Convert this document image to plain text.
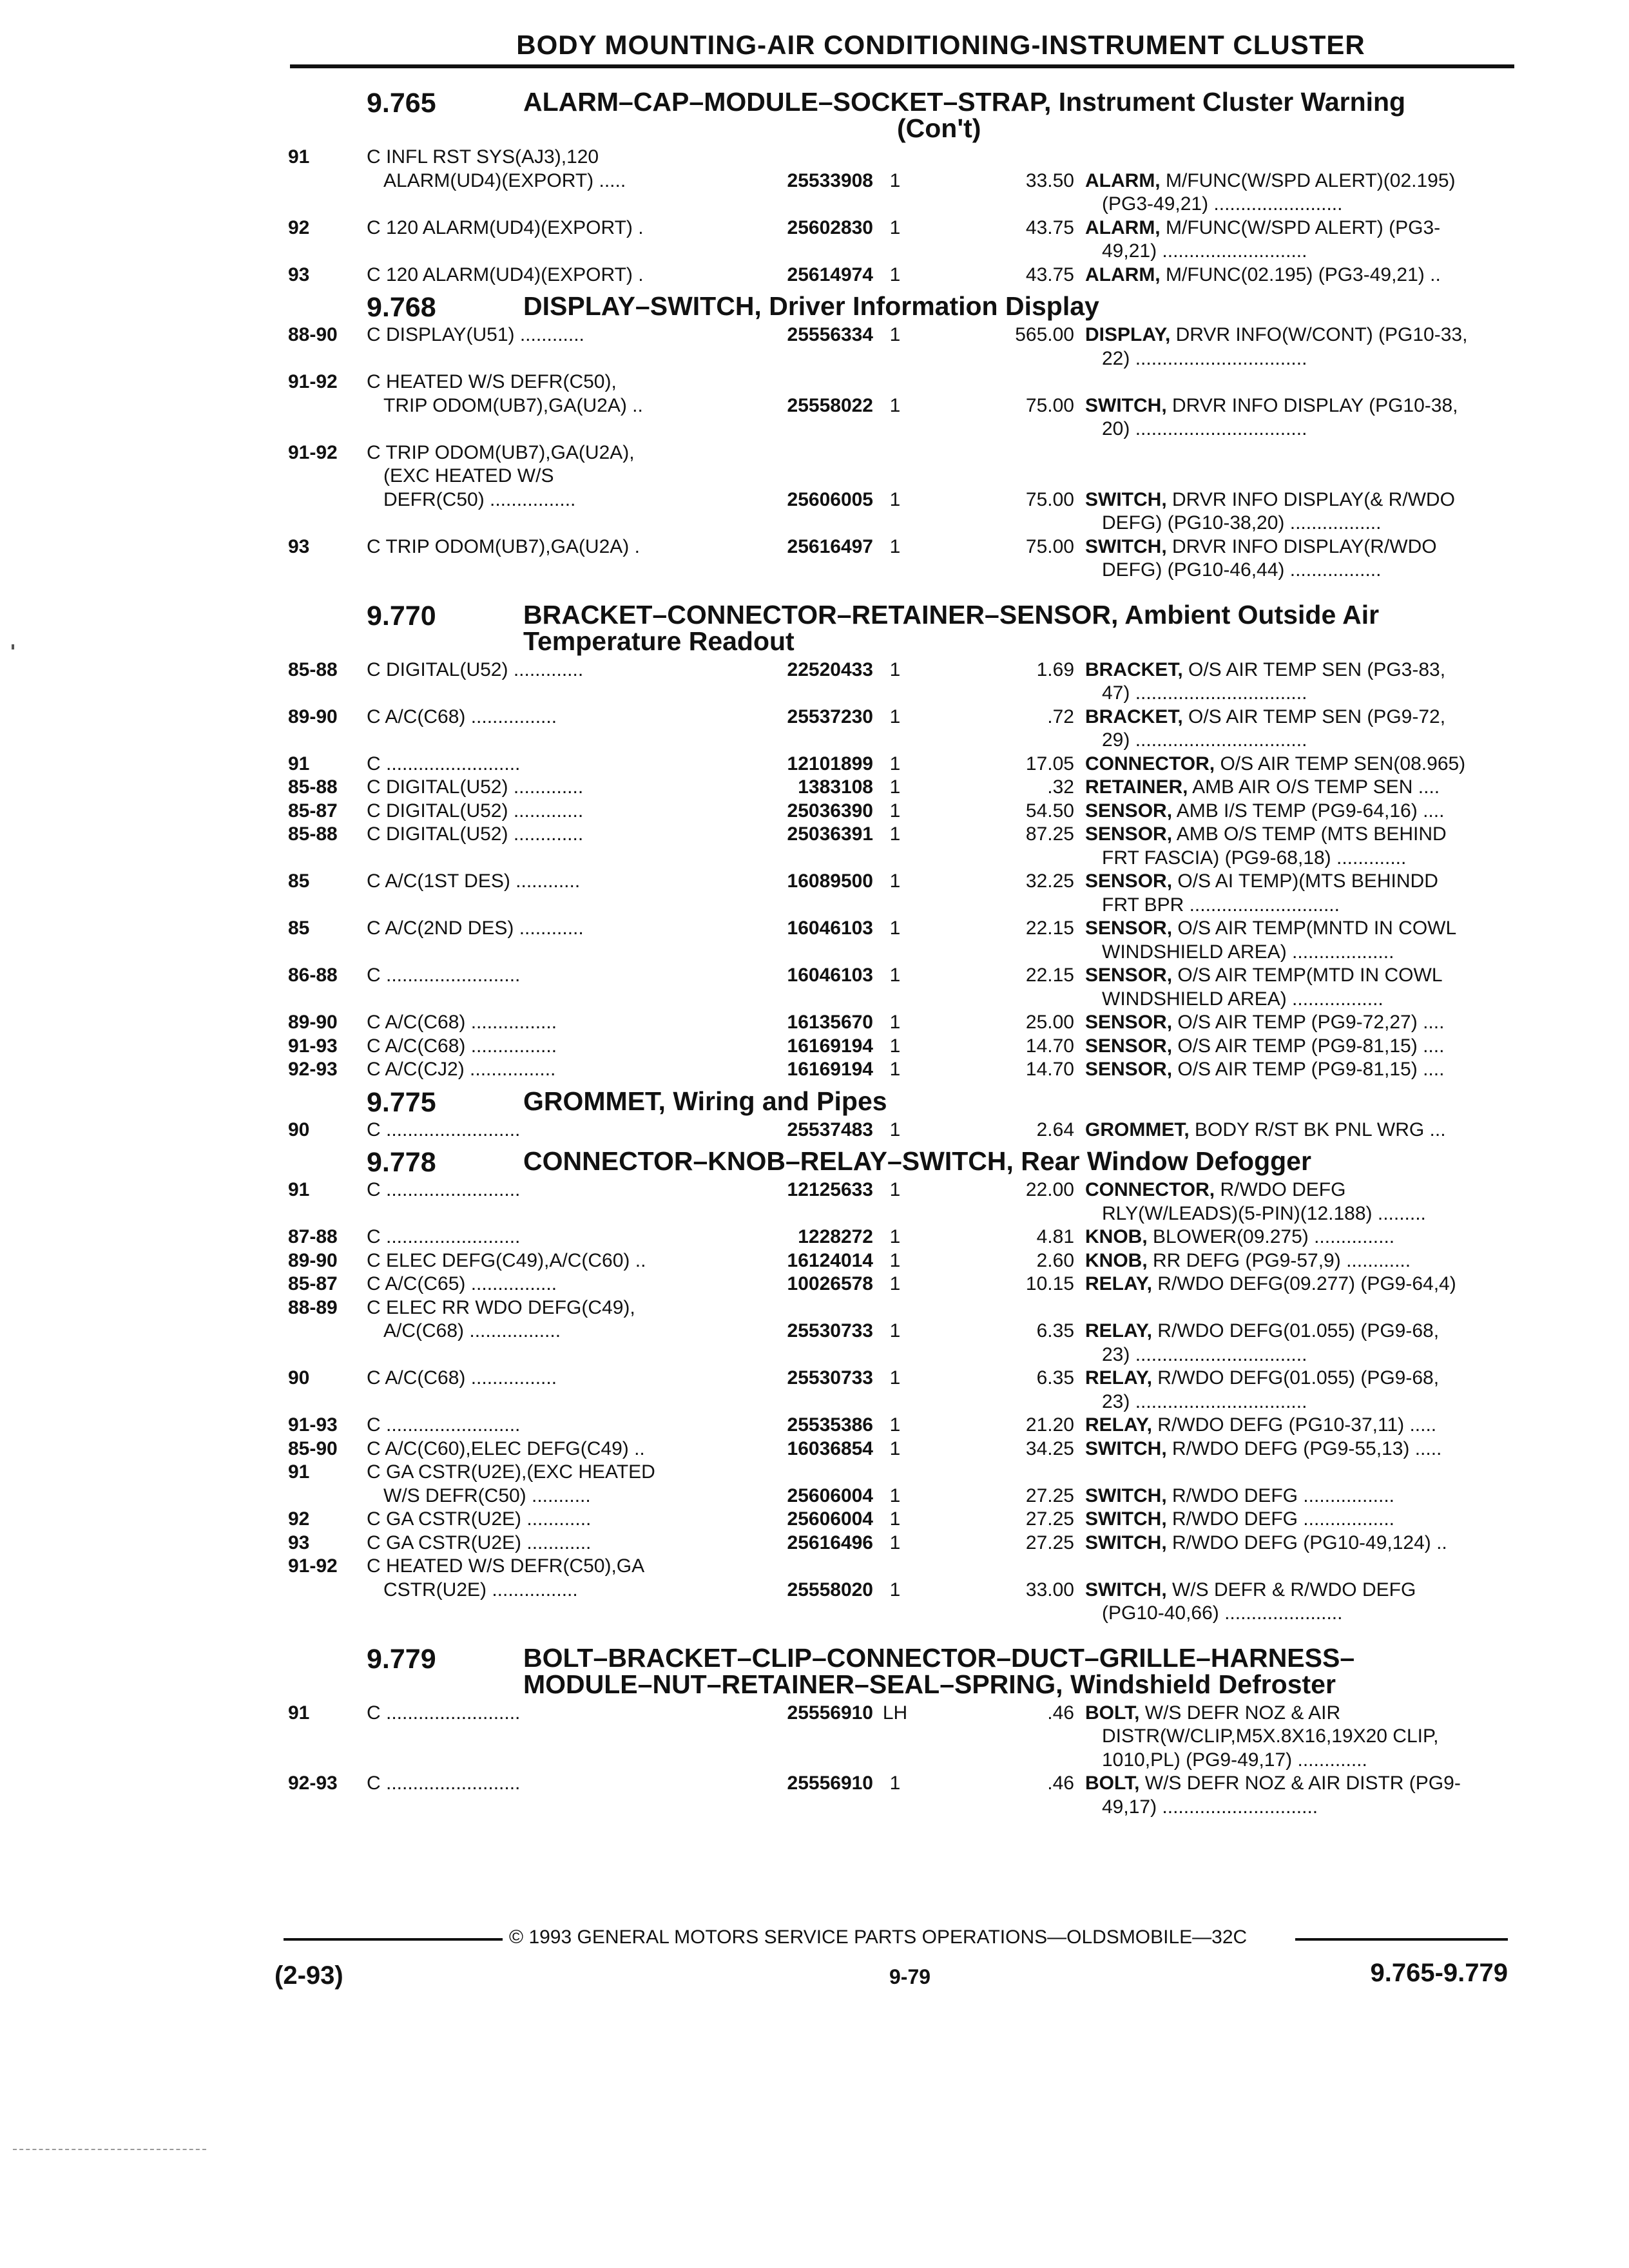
BODY MOUNTING-AIR CONDITIONING-INSTRUMENT CLUSTER
9.765	ALARM–CAP–MODULE–SOCKET–STRAP, Instrument Cluster Warning
(Con't)
91	C INFL RST SYS(AJ3),120
ALARM(UD4)(EXPORT) .....	25533908 1	33.50 ALARM, M/FUNC(W/SPD ALERT)(02.195)
(PG3-49,21) ........................
92	C 120 ALARM(UD4)(EXPORT) .	25602830 1	43.75 ALARM, M/FUNC(W/SPD ALERT) (PG3-
49,21) ...........................
93	C 120 ALARM(UD4)(EXPORT) .	25614974 1	43.75 ALARM, M/FUNC(02.195) (PG3-49,21) ..
9.768	DISPLAY–SWITCH, Driver Information Display
88-90 C DISPLAY(U51) ............	25556334 1	565.00 DISPLAY, DRVR INFO(W/CONT) (PG10-33,
22) ................................
91-92 C HEATED W/S DEFR(C50),
TRIP ODOM(UB7),GA(U2A) ..	25558022 1	75.00 SWITCH, DRVR INFO DISPLAY (PG10-38,
20) ................................
91-92 C TRIP ODOM(UB7),GA(U2A),
(EXC HEATED W/S
DEFR(C50) ................	25606005 1	75.00 SWITCH, DRVR INFO DISPLAY(& R/WDO
DEFG) (PG10-38,20) .................
93	C TRIP ODOM(UB7),GA(U2A) .	25616497 1	75.00 SWITCH, DRVR INFO DISPLAY(R/WDO
DEFG) (PG10-46,44) .................
9.770	BRACKET–CONNECTOR–RETAINER–SENSOR, Ambient Outside Air
Temperature Readout
85-88 C DIGITAL(U52) .............	22520433 1	1.69 BRACKET, O/S AIR TEMP SEN (PG3-83,
47) ................................
89-90 C A/C(C68) ................	25537230 1	.72 BRACKET, O/S AIR TEMP SEN (PG9-72,
29) ................................
91	C .........................	12101899 1	17.05 CONNECTOR, O/S AIR TEMP SEN(08.965)
85-88 C DIGITAL(U52) .............	1383108 1	.32 RETAINER, AMB AIR O/S TEMP SEN ....
85-87 C DIGITAL(U52) .............	25036390 1	54.50 SENSOR, AMB I/S TEMP (PG9-64,16) ....
85-88 C DIGITAL(U52) .............	25036391 1	87.25 SENSOR, AMB O/S TEMP (MTS BEHIND
FRT FASCIA) (PG9-68,18) .............
85	C A/C(1ST DES) ............	16089500 1	32.25 SENSOR, O/S AI TEMP)(MTS BEHINDD
FRT BPR ............................
85	C A/C(2ND DES) ............	16046103 1	22.15 SENSOR, O/S AIR TEMP(MNTD IN COWL
WINDSHIELD AREA) ...................
86-88 C .........................	16046103 1	22.15 SENSOR, O/S AIR TEMP(MTD IN COWL
WINDSHIELD AREA) .................
89-90 C A/C(C68) ................	16135670 1	25.00 SENSOR, O/S AIR TEMP (PG9-72,27) ....
91-93 C A/C(C68) ................	16169194 1	14.70 SENSOR, O/S AIR TEMP (PG9-81,15) ....
92-93 C A/C(CJ2) ................	16169194 1	14.70 SENSOR, O/S AIR TEMP (PG9-81,15) ....
9.775	GROMMET, Wiring and Pipes
90	C .........................	25537483 1	2.64 GROMMET, BODY R/ST BK PNL WRG ...
9.778	CONNECTOR–KNOB–RELAY–SWITCH, Rear Window Defogger
91	C .........................	12125633 1	22.00 CONNECTOR, R/WDO DEFG
RLY(W/LEADS)(5-PIN)(12.188) .........
87-88 C .........................	1228272 1	4.81 KNOB, BLOWER(09.275) ...............
89-90 C ELEC DEFG(C49),A/C(C60) ..	16124014 1	2.60 KNOB, RR DEFG (PG9-57,9) ............
85-87 C A/C(C65) ................	10026578 1	10.15 RELAY, R/WDO DEFG(09.277) (PG9-64,4)
88-89 C ELEC RR WDO DEFG(C49),
A/C(C68) .................	25530733 1	6.35 RELAY, R/WDO DEFG(01.055) (PG9-68,
23) ................................
90	C A/C(C68) ................	25530733 1	6.35 RELAY, R/WDO DEFG(01.055) (PG9-68,
23) ................................
91-93 C .........................	25535386 1	21.20 RELAY, R/WDO DEFG (PG10-37,11) .....
85-90 C A/C(C60),ELEC DEFG(C49) ..	16036854 1	34.25 SWITCH, R/WDO DEFG (PG9-55,13) .....
91	C GA CSTR(U2E),(EXC HEATED
W/S DEFR(C50) ...........	25606004 1	27.25 SWITCH, R/WDO DEFG .................
92	C GA CSTR(U2E) ............	25606004 1	27.25 SWITCH, R/WDO DEFG .................
93	C GA CSTR(U2E) ............	25616496 1	27.25 SWITCH, R/WDO DEFG (PG10-49,124) ..
91-92 C HEATED W/S DEFR(C50),GA
CSTR(U2E) ................	25558020 1	33.00 SWITCH, W/S DEFR & R/WDO DEFG
(PG10-40,66) ......................
9.779	BOLT–BRACKET–CLIP–CONNECTOR–DUCT–GRILLE–HARNESS–
MODULE–NUT–RETAINER–SEAL–SPRING, Windshield Defroster
91	C .........................	25556910 LH	.46 BOLT, W/S DEFR NOZ & AIR
DISTR(W/CLIP,M5X.8X16,19X20 CLIP,
1010,PL) (PG9-49,17) .............
92-93 C .........................	25556910 1	.46 BOLT, W/S DEFR NOZ & AIR DISTR (PG9-
49,17) .............................
© 1993 GENERAL MOTORS SERVICE PARTS OPERATIONS—OLDSMOBILE—32C
(2-93)	9-79	9.765-9.779
